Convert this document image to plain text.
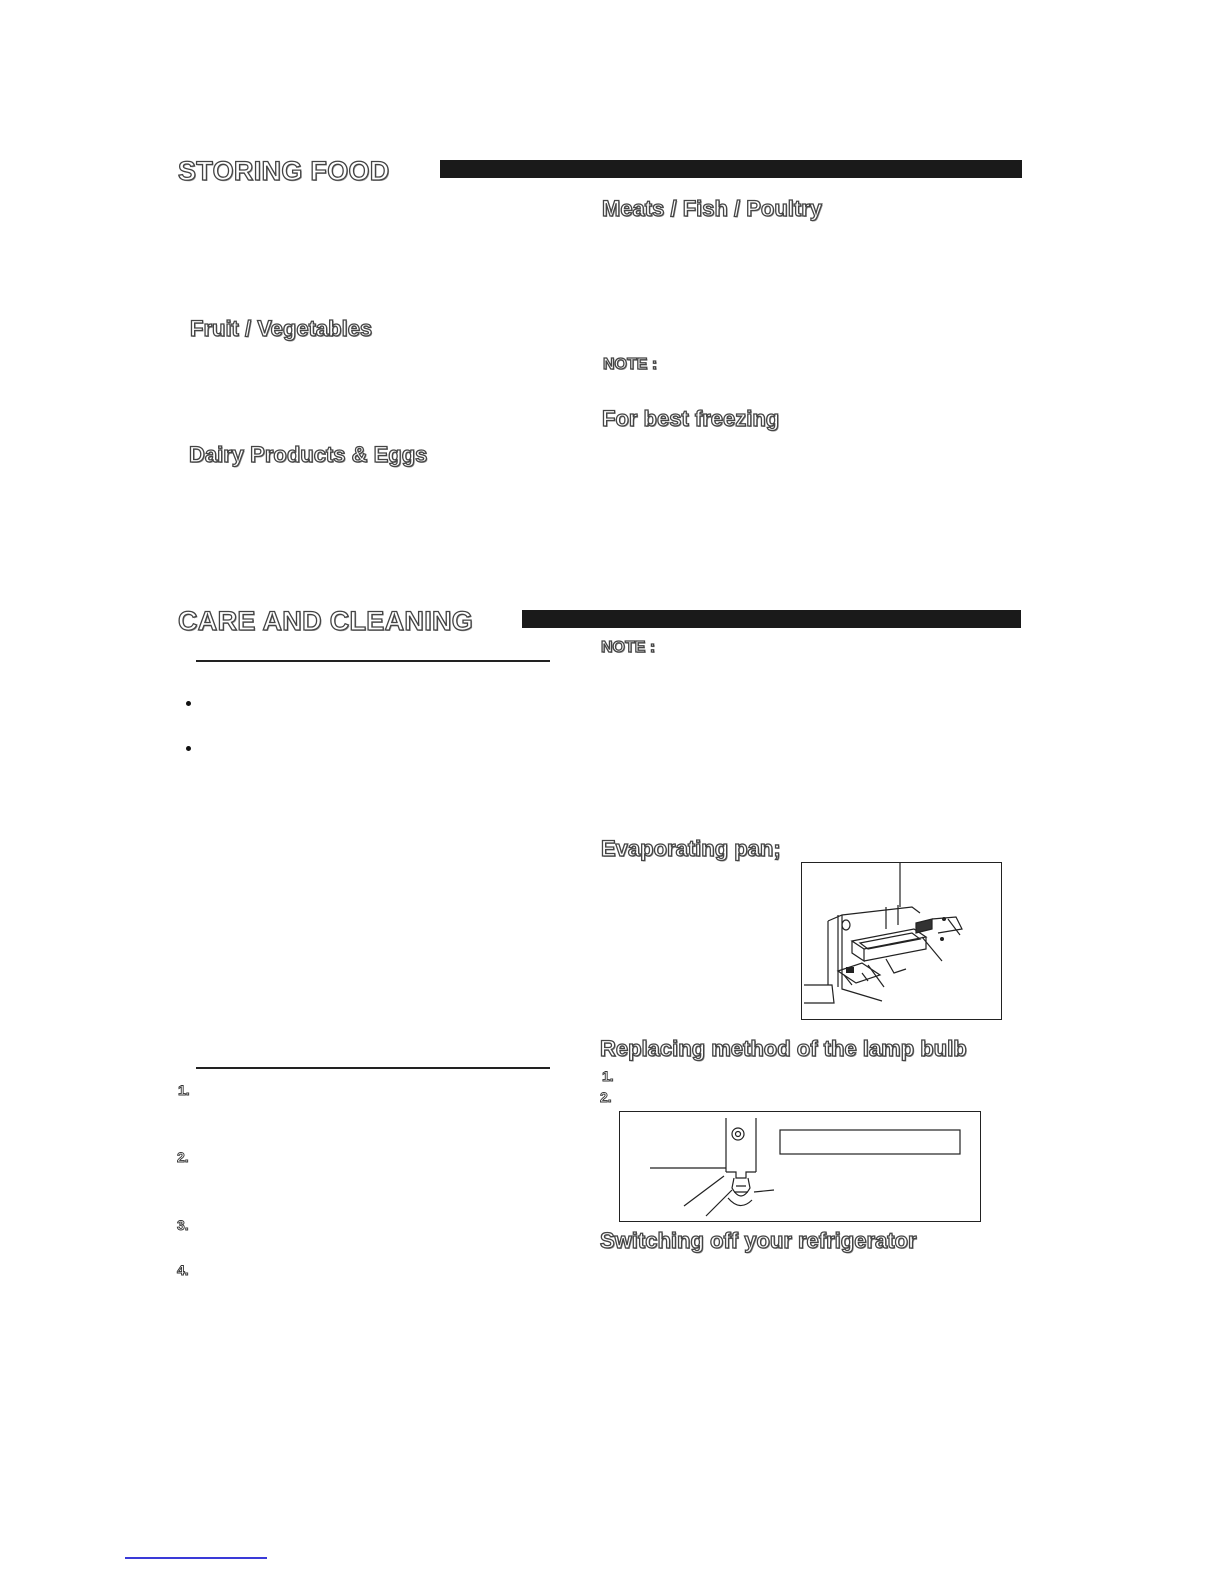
STORING FOOD
Meats / Fish / Poultry
Fruit / Vegetables
NOTE :
For best freezing
Dairy Products & Eggs
CARE AND CLEANING
NOTE :
Evaporating pan;
Replacing method of the lamp bulb
1.
2.
1.
2.
3.
4.
Switching off your refrigerator
